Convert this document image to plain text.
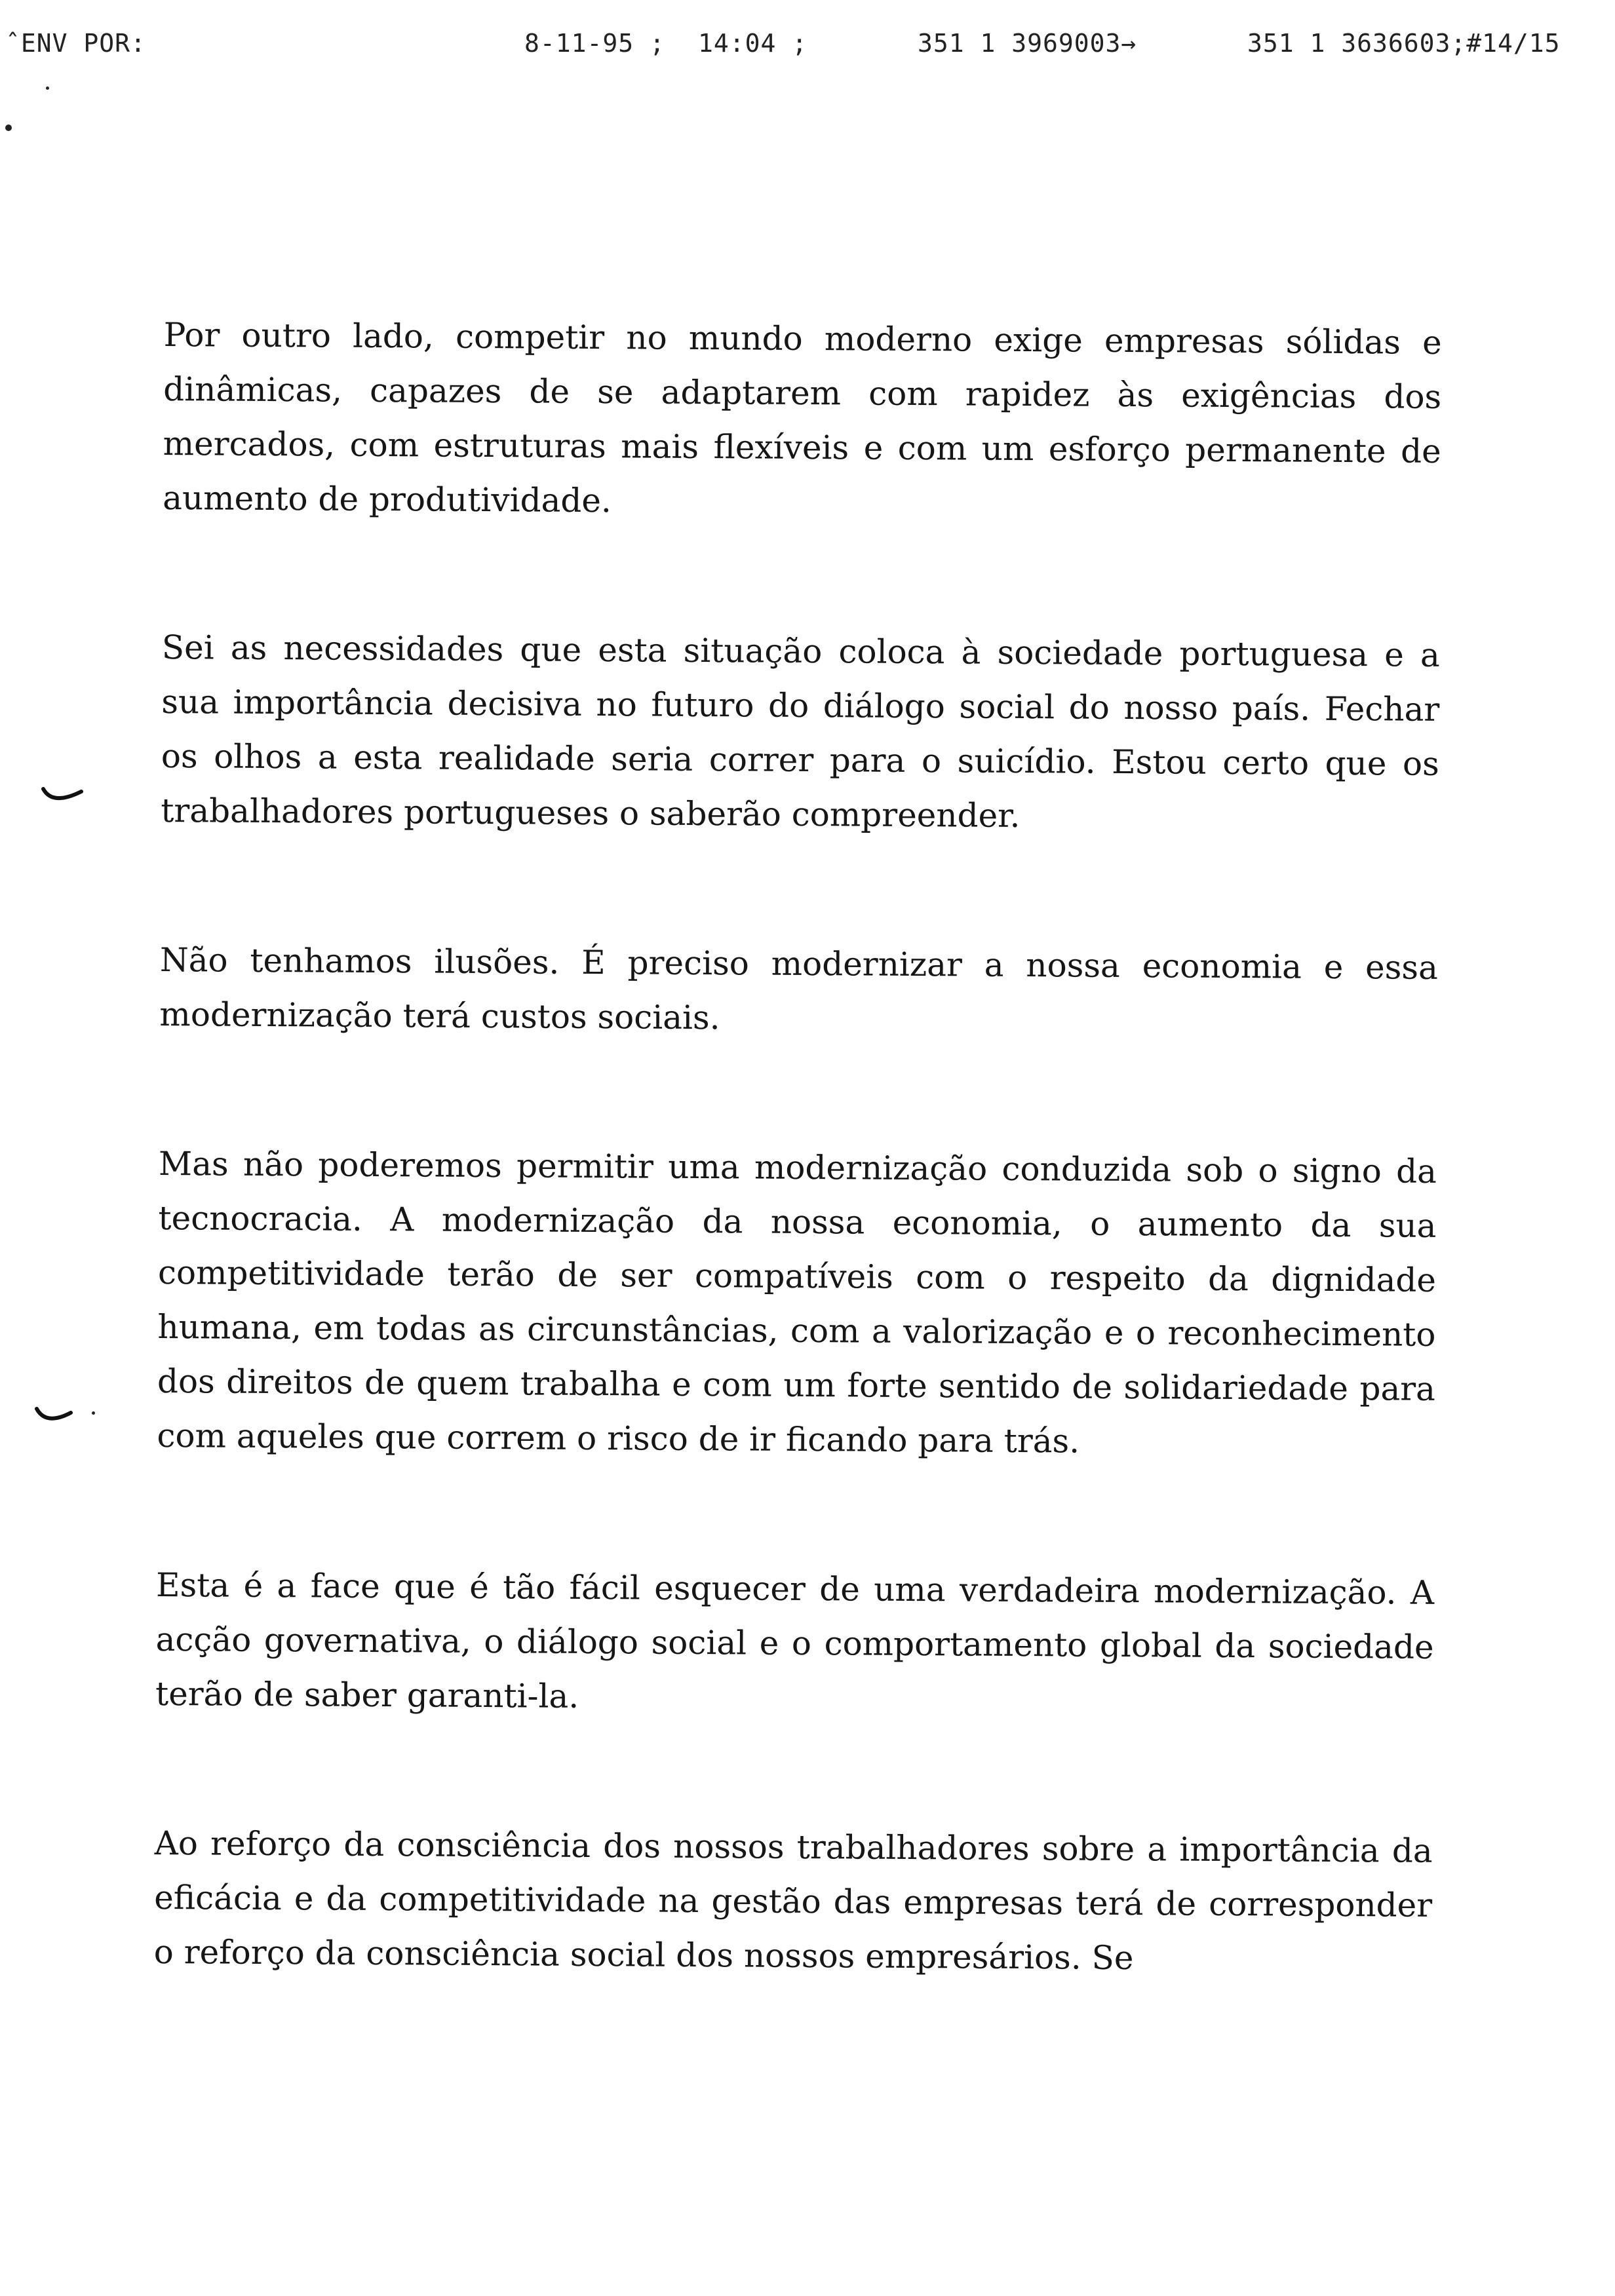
ˆENV POR:	8-11-95 ; 14:04 ;	351 1 3969003→	351 1 3636603;#14/15

Por outro lado, competir no mundo moderno exige empresas sólidas e dinâmicas, capazes de se adaptarem com rapidez às exigências dos mercados, com estruturas mais flexíveis e com um esforço permanente de aumento de produtividade.

Sei as necessidades que esta situação coloca à sociedade portuguesa e a sua importância decisiva no futuro do diálogo social do nosso país. Fechar os olhos a esta realidade seria correr para o suicídio. Estou certo que os trabalhadores portugueses o saberão compreender.

Não tenhamos ilusões. É preciso modernizar a nossa economia e essa modernização terá custos sociais.

Mas não poderemos permitir uma modernização conduzida sob o signo da tecnocracia. A modernização da nossa economia, o aumento da sua competitividade terão de ser compatíveis com o respeito da dignidade humana, em todas as circunstâncias, com a valorização e o reconhecimento dos direitos de quem trabalha e com um forte sentido de solidariedade para com aqueles que correm o risco de ir ficando para trás.

Esta é a face que é tão fácil esquecer de uma verdadeira modernização. A acção governativa, o diálogo social e o comportamento global da sociedade terão de saber garanti-la.

Ao reforço da consciência dos nossos trabalhadores sobre a importância da eficácia e da competitividade na gestão das empresas terá de corresponder o reforço da consciência social dos nossos empresários. Se
